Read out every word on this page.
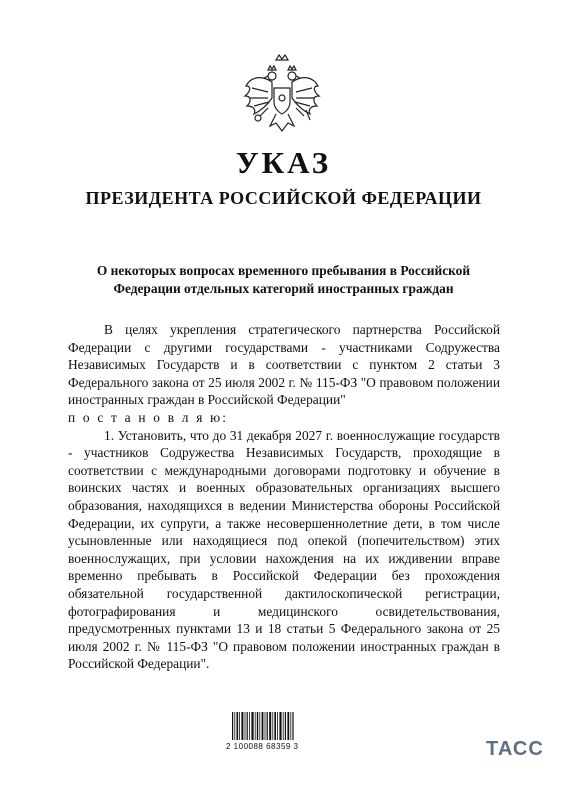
УКАЗ
ПРЕЗИДЕНТА РОССИЙСКОЙ ФЕДЕРАЦИИ
О некоторых вопросах временного пребывания в Российской
Федерации отдельных категорий иностранных граждан

В целях укрепления стратегического партнерства Российской Федерации с другими государствами - участниками Содружества Независимых Государств и в соответствии с пунктом 2 статьи 3 Федерального закона от 25 июля 2002 г. № 115-ФЗ "О правовом положении иностранных граждан в Российской Федерации"

п о с т а н о в л я ю:

1. Установить, что до 31 декабря 2027 г. военнослужащие государств - участников Содружества Независимых Государств, проходящие в соответствии с международными договорами подготовку и обучение в воинских частях и военных образовательных организациях высшего образования, находящихся в ведении Министерства обороны Российской Федерации, их супруги, а также несовершеннолетние дети, в том числе усыновленные или находящиеся под опекой (попечительством) этих военнослужащих, при условии нахождения на их иждивении вправе временно пребывать в Российской Федерации без прохождения обязательной государственной дактилоскопической регистрации, фотографирования и медицинского освидетельствования, предусмотренных пунктами 13 и 18 статьи 5 Федерального закона от 25 июля 2002 г. № 115-ФЗ "О правовом положении иностранных граждан в Российской Федерации".

2 100088 68359 3	ТАСС
